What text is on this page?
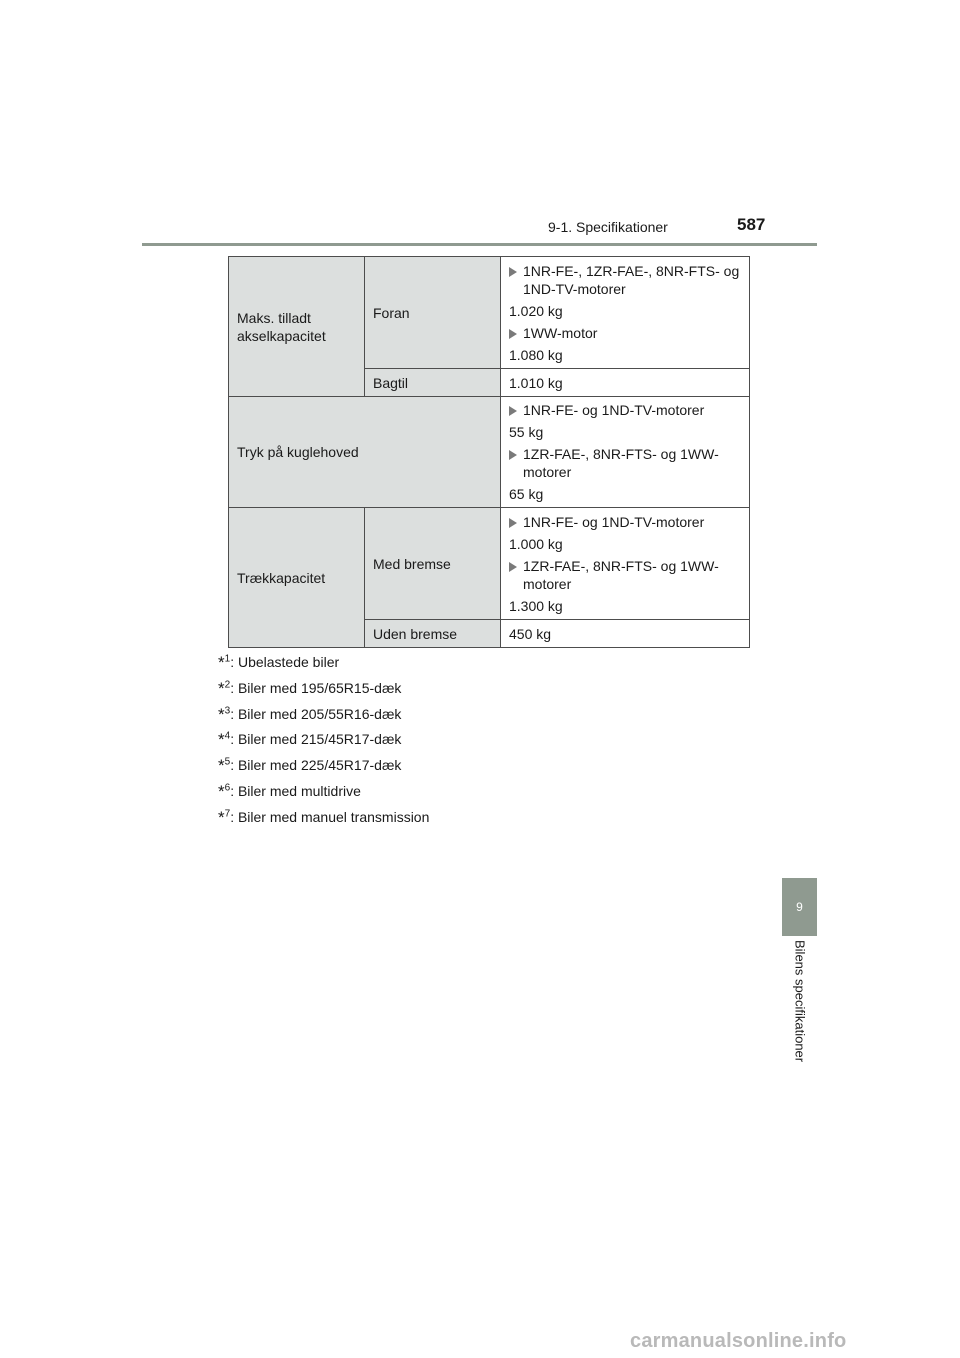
9-1. Specifikationer	587
Maks. tilladt akselkapacitet	Foran	1NR-FE-, 1ZR-FAE-, 8NR-FTS- og 1ND-TV-motorer

1.020 kg

1WW-motor

1.080 kg

	Bagtil	1.010 kg
Tryk på kuglehoved		1NR-FE- og 1ND-TV-motorer

55 kg

1ZR-FAE-, 8NR-FTS- og 1WW-motorer

65 kg

Trækkapacitet	Med bremse	1NR-FE- og 1ND-TV-motorer

1.000 kg

1ZR-FAE-, 8NR-FTS- og 1WW-motorer

1.300 kg

	Uden bremse	450 kg
*$^1$: Ubelastede biler
*$^2$: Biler med 195/65R15-dæk
*$^3$: Biler med 205/55R16-dæk
*$^4$: Biler med 215/45R17-dæk
*$^5$: Biler med 225/45R17-dæk
*$^6$: Biler med multidrive
*$^7$: Biler med manuel transmission
9
Bilens specifikationer
carmanualsonline.info
